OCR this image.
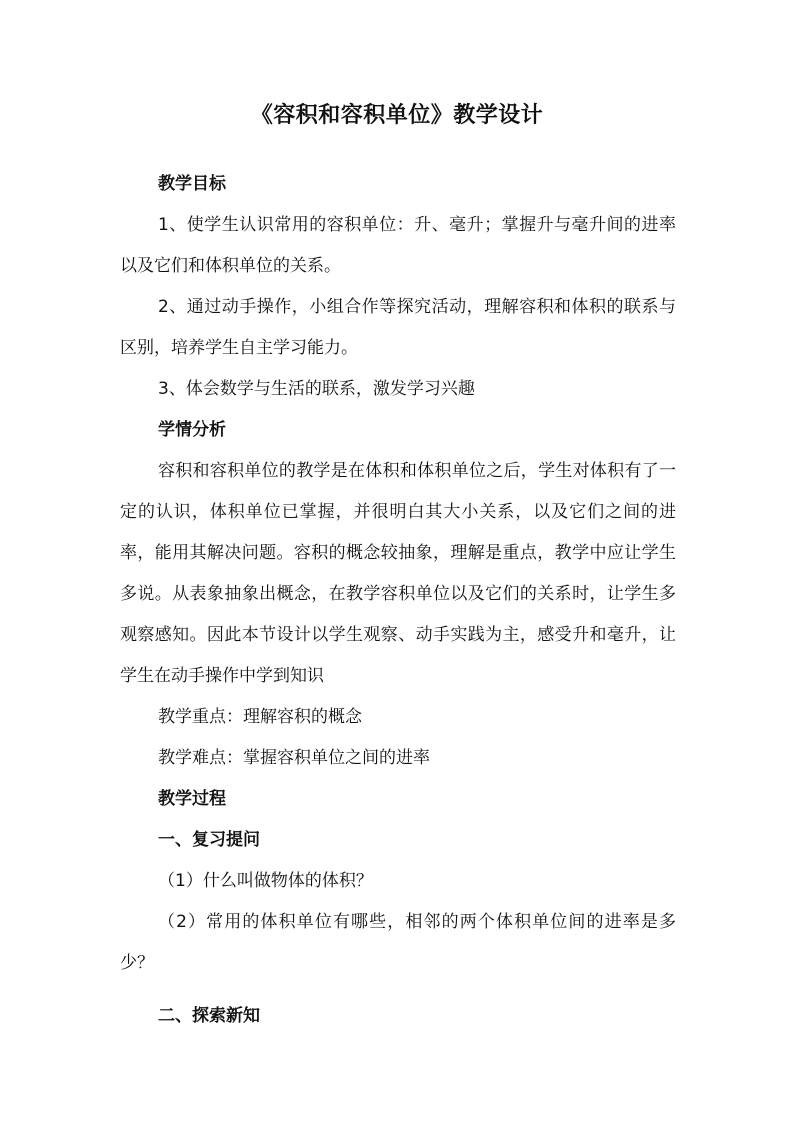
《容积和容积单位》教学设计

教学目标

1、使学生认识常用的容积单位：升、毫升；掌握升与毫升间的进率以及它们和体积单位的关系。

2、通过动手操作，小组合作等探究活动，理解容积和体积的联系与区别，培养学生自主学习能力。

3、体会数学与生活的联系，激发学习兴趣

学情分析

容积和容积单位的教学是在体积和体积单位之后，学生对体积有了一定的认识，体积单位已掌握，并很明白其大小关系，以及它们之间的进率，能用其解决问题。容积的概念较抽象，理解是重点，教学中应让学生多说。从表象抽象出概念，在教学容积单位以及它们的关系时，让学生多观察感知。因此本节设计以学生观察、动手实践为主，感受升和毫升，让学生在动手操作中学到知识

教学重点：理解容积的概念

教学难点：掌握容积单位之间的进率

教学过程

一、复习提问

（1）什么叫做物体的体积？

（2）常用的体积单位有哪些，相邻的两个体积单位间的进率是多少？

二、探索新知
